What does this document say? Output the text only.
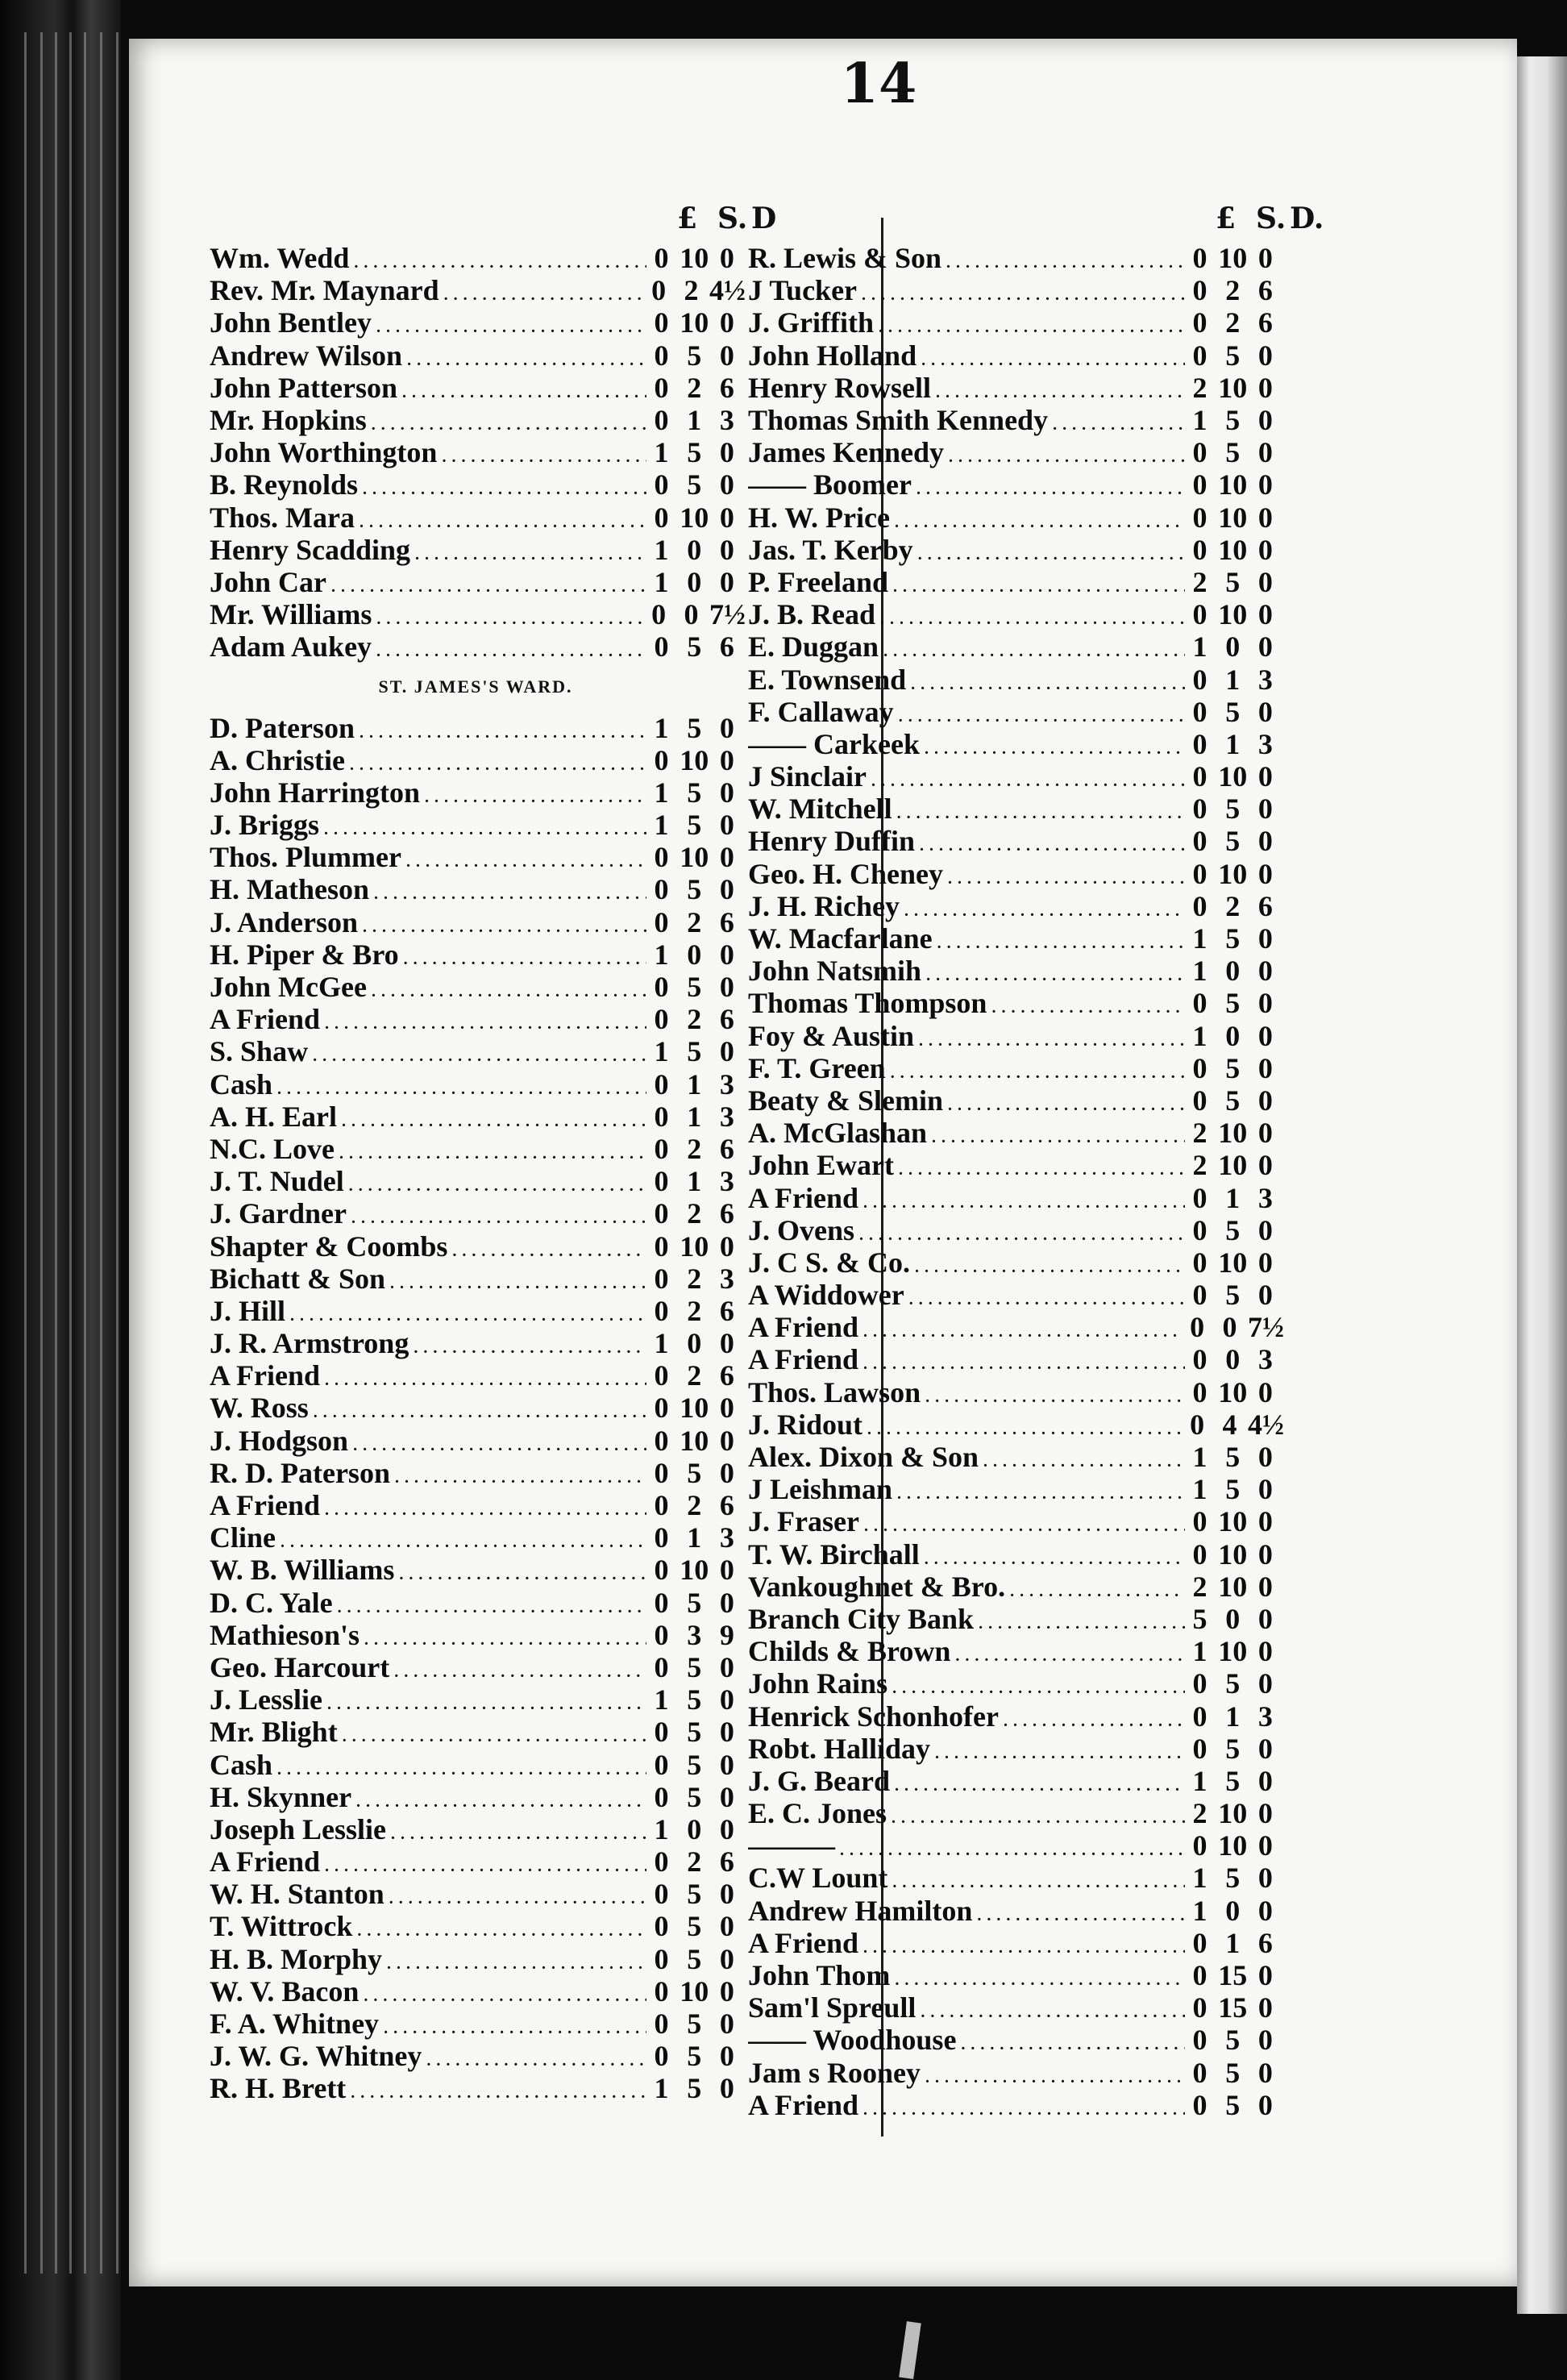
14
£ S. D
Wm. Wedd . . .	0 10 0
Rev. Mr. Maynard . . .	0 2 4½
John Bentley . . .	0 10 0
Andrew Wilson . . .	0 5 0
John Patterson . . .	0 2 6
Mr. Hopkins . . .	0 1 3
John Worthington . . .	1 5 0
B. Reynolds . . .	0 5 0
Thos. Mara . . .	0 10 0
Henry Scadding . . .	1 0 0
John Car . . .	1 0 0
Mr. Williams . . .	0 0 7½
Adam Aukey . . .	0 5 6
ST. JAMES'S WARD.
D. Paterson . . .	1 5 0
A. Christie . . .	0 10 0
John Harrington . . .	1 5 0
J. Briggs . . .	1 5 0
Thos. Plummer . . .	0 10 0
H. Matheson . . .	0 5 0
J. Anderson . . .	0 2 6
H. Piper & Bro . . .	1 0 0
John McGee . . .	0 5 0
A Friend . . .	0 2 6
S. Shaw . . .	1 5 0
Cash . . .	0 1 3
A. H. Earl . . .	0 1 3
N.C. Love . . .	0 2 6
J. T. Nudel . . .	0 1 3
J. Gardner . . .	0 2 6
Shapter & Coombs . . .	0 10 0
Bichatt & Son . . .	0 2 3
J. Hill . . .	0 2 6
J. R. Armstrong . . .	1 0 0
A Friend . . .	0 2 6
W. Ross . . .	0 10 0
J. Hodgson . . .	0 10 0
R. D. Paterson . . .	0 5 0
A Friend . . .	0 2 6
Cline . . .	0 1 3
W. B. Williams . . .	0 10 0
D. C. Yale . . .	0 5 0
Mathieson's . . .	0 3 9
Geo. Harcourt . . .	0 5 0
J. Lesslie . . .	1 5 0
Mr. Blight . . .	0 5 0
Cash . . .	0 5 0
H. Skynner . . .	0 5 0
Joseph Lesslie . . .	1 0 0
A Friend . . .	0 2 6
W. H. Stanton . . .	0 5 0
T. Wittrock . . .	0 5 0
H. B. Morphy . . .	0 5 0
W. V. Bacon . . .	0 10 0
F. A. Whitney . . .	0 5 0
J. W. G. Whitney . . .	0 5 0
R. H. Brett . . .	1 5 0
£ S. D.
R. Lewis & Son . . .	0 10 0
J Tucker . . .	0 2 6
J. Griffith . . .	0 2 6
John Holland . . .	0 5 0
Henry Rowsell . . .	2 10 0
Thomas Smith Kennedy . . .	1 5 0
James Kennedy . . .	0 5 0
—— Boomer . . .	0 10 0
H. W. Price . . .	0 10 0
Jas. T. Kerby . . .	0 10 0
P. Freeland . . .	2 5 0
J. B. Read . . .	0 10 0
E. Duggan . . .	1 0 0
E. Townsend . . .	0 1 3
F. Callaway . . .	0 5 0
—— Carkeek . . .	0 1 3
J Sinclair . . .	0 10 0
W. Mitchell . . .	0 5 0
Henry Duffin . . .	0 5 0
Geo. H. Cheney . . .	0 10 0
J. H. Richey . . .	0 2 6
W. Macfarlane . . .	1 5 0
John Natsmih . . .	1 0 0
Thomas Thompson . . .	0 5 0
Foy & Austin . . .	1 0 0
F. T. Green . . .	0 5 0
Beaty & Slemin . . .	0 5 0
A. McGlashan . . .	2 10 0
John Ewart . . .	2 10 0
A Friend . . .	0 1 3
J. Ovens . . .	0 5 0
J. C S. & Co. . . .	0 10 0
A Widdower . . .	0 5 0
A Friend . . .	0 0 7½
A Friend . . .	0 0 3
Thos. Lawson . . .	0 10 0
J. Ridout . . .	0 4 4½
Alex. Dixon & Son . . .	1 5 0
J Leishman . . .	1 5 0
J. Fraser . . .	0 10 0
T. W. Birchall . . .	0 10 0
Vankoughnet & Bro. . . .	2 10 0
Branch City Bank . . .	5 0 0
Childs & Brown . . .	1 10 0
John Rains . . .	0 5 0
Henrick Schonhofer . . .	0 1 3
Robt. Halliday . . .	0 5 0
J. G. Beard . . .	1 5 0
E. C. Jones . . .	2 10 0
——— . . .	0 10 0
C.W Lount . . .	1 5 0
Andrew Hamilton . . .	1 0 0
A Friend . . .	0 1 6
John Thom . . .	0 15 0
Sam'l Spreull . . .	0 15 0
—— Woodhouse . . .	0 5 0
Jam s Rooney . . .	0 5 0
A Friend . . .	0 5 0
